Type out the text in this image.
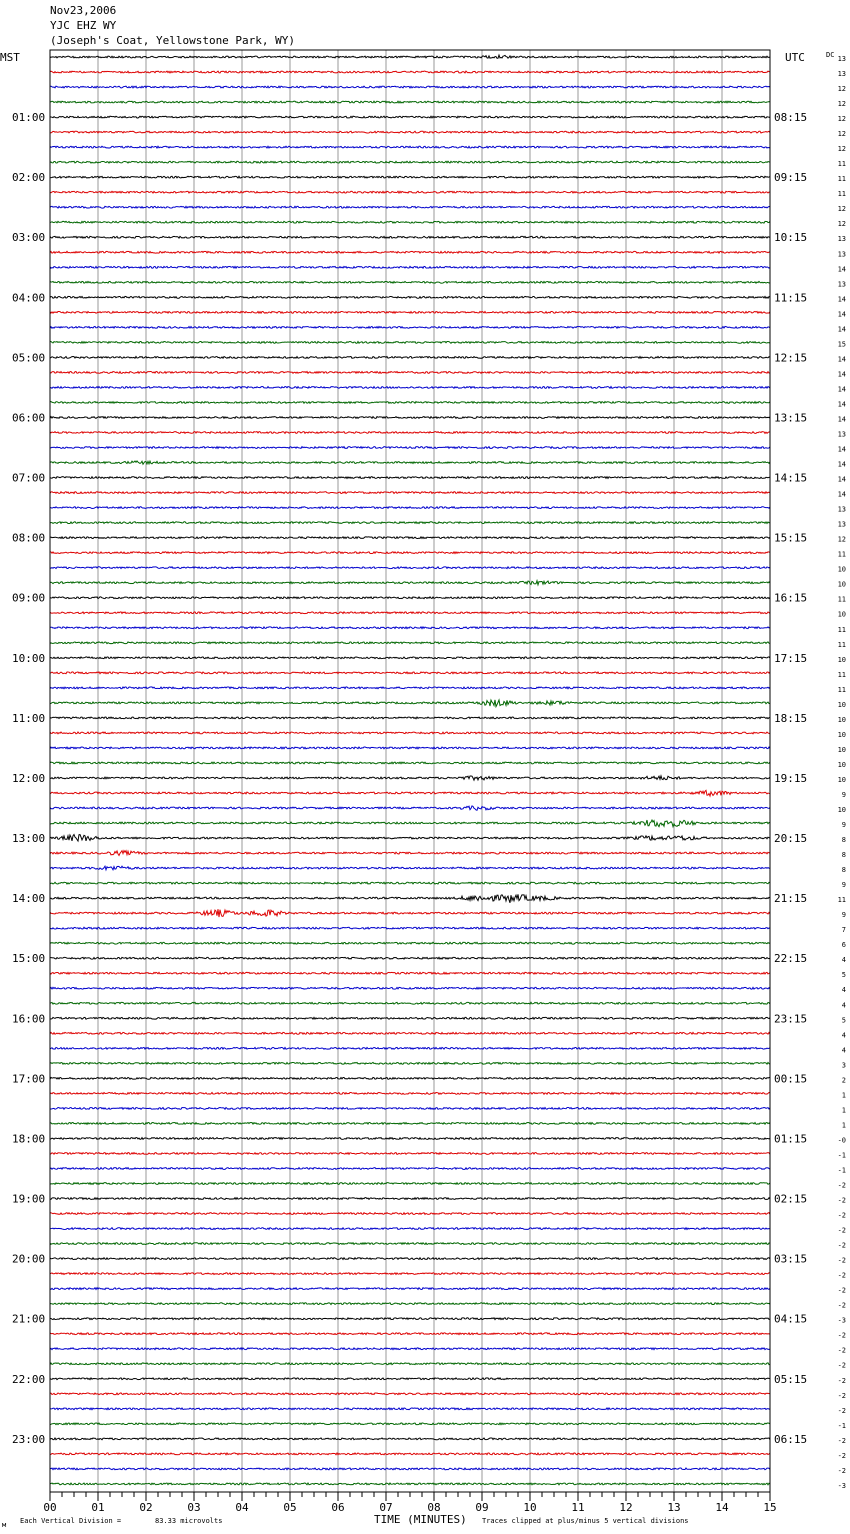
Nov23,2006
YJC EHZ WY
(Joseph's Coat, Yellowstone Park, WY)
00	01	02	03	04	05	06	07	08	09	10	11	12	13	14	15
13
13
12
12
12
01:00	08:15
12
12
11
11
02:00	09:15
11
12
12
13
03:00	10:15
13
14
13
14
04:00	11:15
14
14
15
14
05:00	12:15
14
14
14
14
06:00	13:15
13
14
14
14
07:00	14:15
14
13
13
12
08:00	15:15
11
10
10
11
09:00	16:15
10
11
11
10
10:00	17:15
11
11
10
10
11:00	18:15
10
10
10
10
12:00	19:15
9
10
9
8
13:00	20:15
8
8
9
11
14:00	21:15
9
7
6
4
15:00	22:15
5
4
4
5
16:00	23:15
4
4
3
2
17:00	00:15
1
1
1
-0
18:00	01:15
-1
-1
-2
-2
19:00	02:15
-2
-2
-2
-2
20:00	03:15
-2
-2
-2
-3
21:00	04:15
-2
-2
-2
-2
22:00	05:15
-2
-2
-1
-2
23:00	06:15
-2
-2
-3
MST	UTC	DC
TIME (MINUTES)
Each Vertical Division =	83.33 microvolts	Traces clipped at plus/minus 5 vertical divisions
м
